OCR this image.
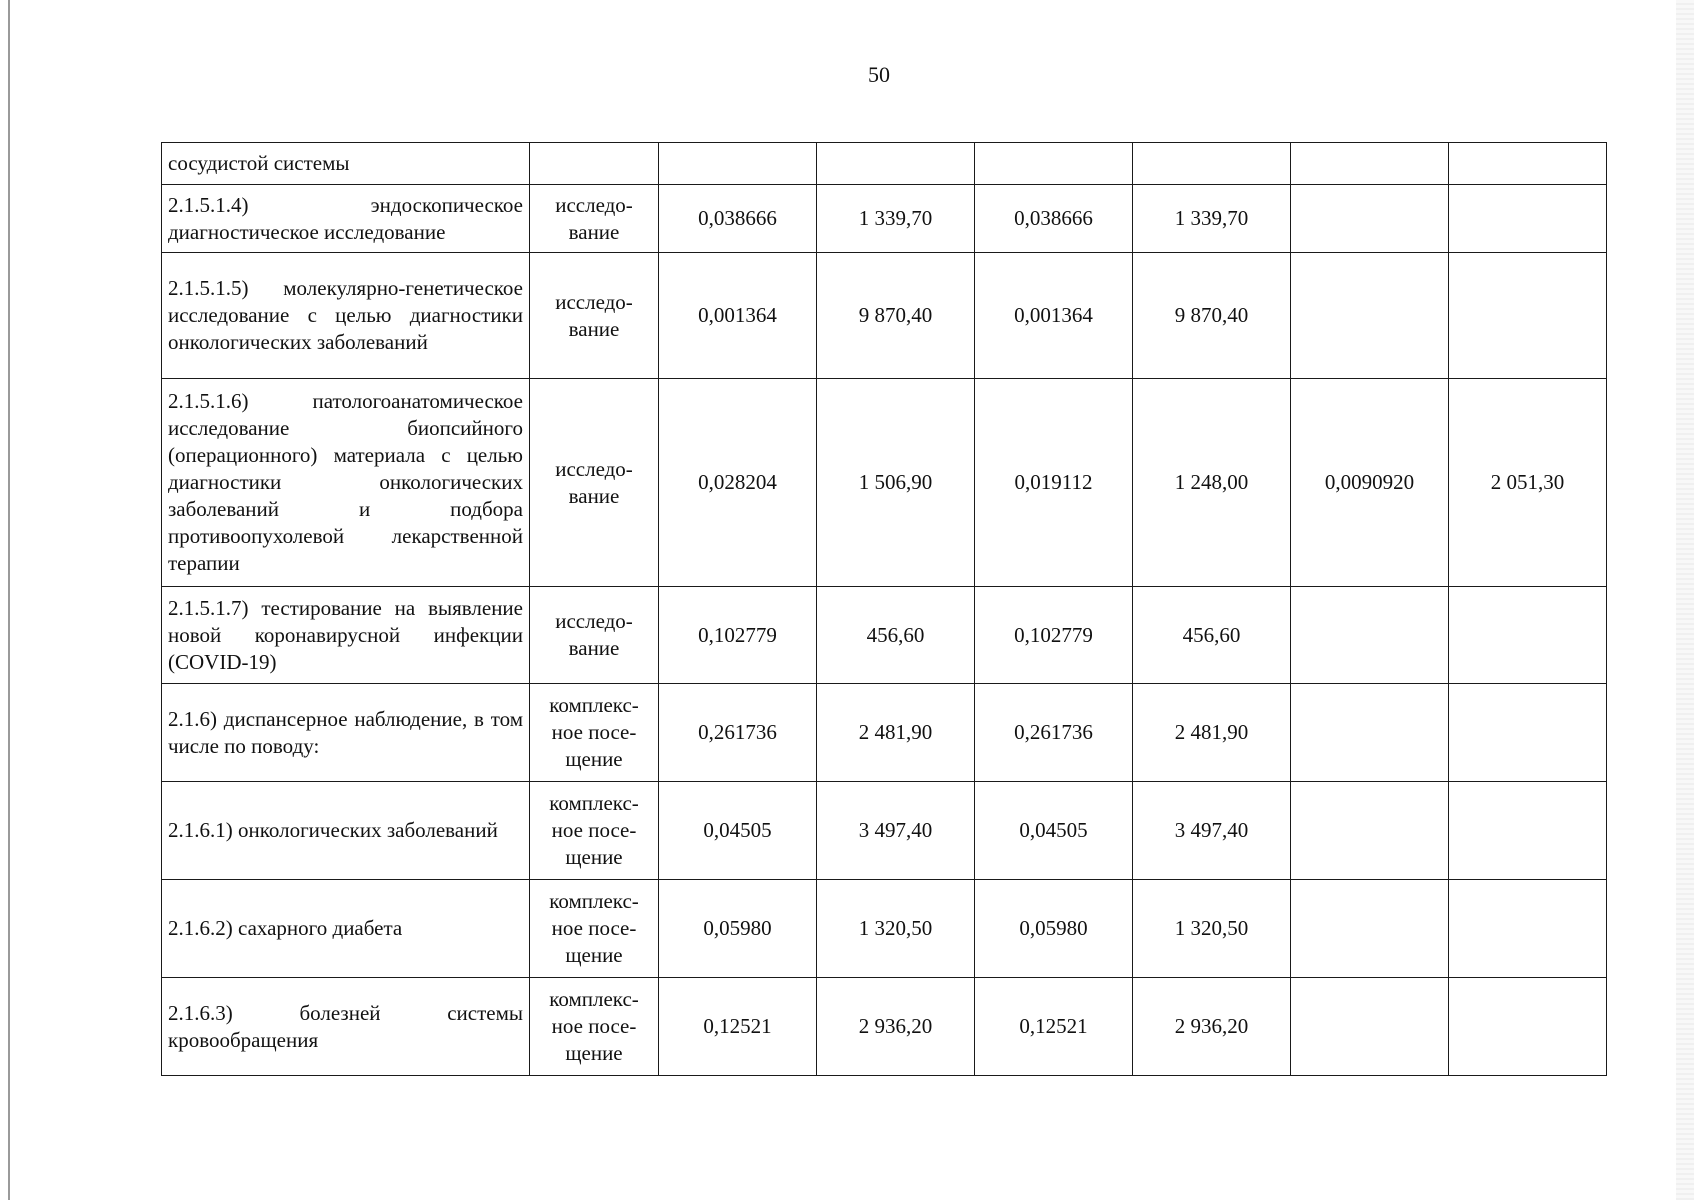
50
сосудистой системы							
2.1.5.1.4) эндоскопическое диагностическое исследование	исследо-
вание	0,038666	1 339,70	0,038666	1 339,70		
2.1.5.1.5) молекулярно-генетическое исследование с целью диагностики онкологических заболеваний	исследо-
вание	0,001364	9 870,40	0,001364	9 870,40		
2.1.5.1.6) патологоанатомическое исследование биопсийного (операционного) материала с целью диагностики онкологических заболеваний и подбора противоопухолевой лекарственной терапии	исследо-
вание	0,028204	1 506,90	0,019112	1 248,00	0,0090920	2 051,30
2.1.5.1.7) тестирование на выявление новой коронавирусной инфекции (COVID-19)	исследо-
вание	0,102779	456,60	0,102779	456,60		
2.1.6) диспансерное наблюдение, в том числе по поводу:	комплекс-
ное посе-
щение	0,261736	2 481,90	0,261736	2 481,90		
2.1.6.1) онкологических заболеваний	комплекс-
ное посе-
щение	0,04505	3 497,40	0,04505	3 497,40		
2.1.6.2) сахарного диабета	комплекс-
ное посе-
щение	0,05980	1 320,50	0,05980	1 320,50		
2.1.6.3) болезней системы кровообращения	комплекс-
ное посе-
щение	0,12521	2 936,20	0,12521	2 936,20		
